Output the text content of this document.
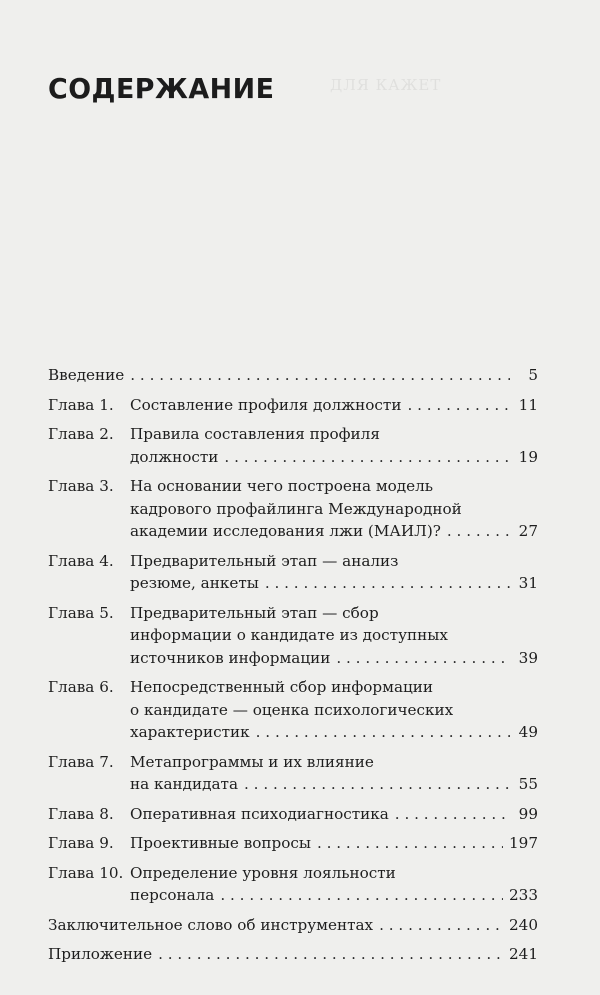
ДЛЯ КАЖЕТ
СОДЕРЖАНИЕ
Введение . . .	5
Глава 1.	Составление профиля должности . . .	11
Глава 2.	Правила составления профиля
должности . . .	19
Глава 3.	На основании чего построена модель
кадрового профайлинга Международной
академии исследования лжи (МАИЛ)? . . .	27
Глава 4.	Предварительный этап — анализ
резюме, анкеты . . .	31
Глава 5.	Предварительный этап — сбор
информации о кандидате из доступных
источников информации . . .	39
Глава 6.	Непосредственный сбор информации
о кандидате — оценка психологических
характеристик . . .	49
Глава 7.	Метапрограммы и их влияние
на кандидата . . .	55
Глава 8.	Оперативная психодиагностика . . .	99
Глава 9.	Проективные вопросы . . .	197
Глава 10. Определение уровня лояльности
персонала . . .	233
Заключительное слово об инструментах . . .	240
Приложение . . .	241
